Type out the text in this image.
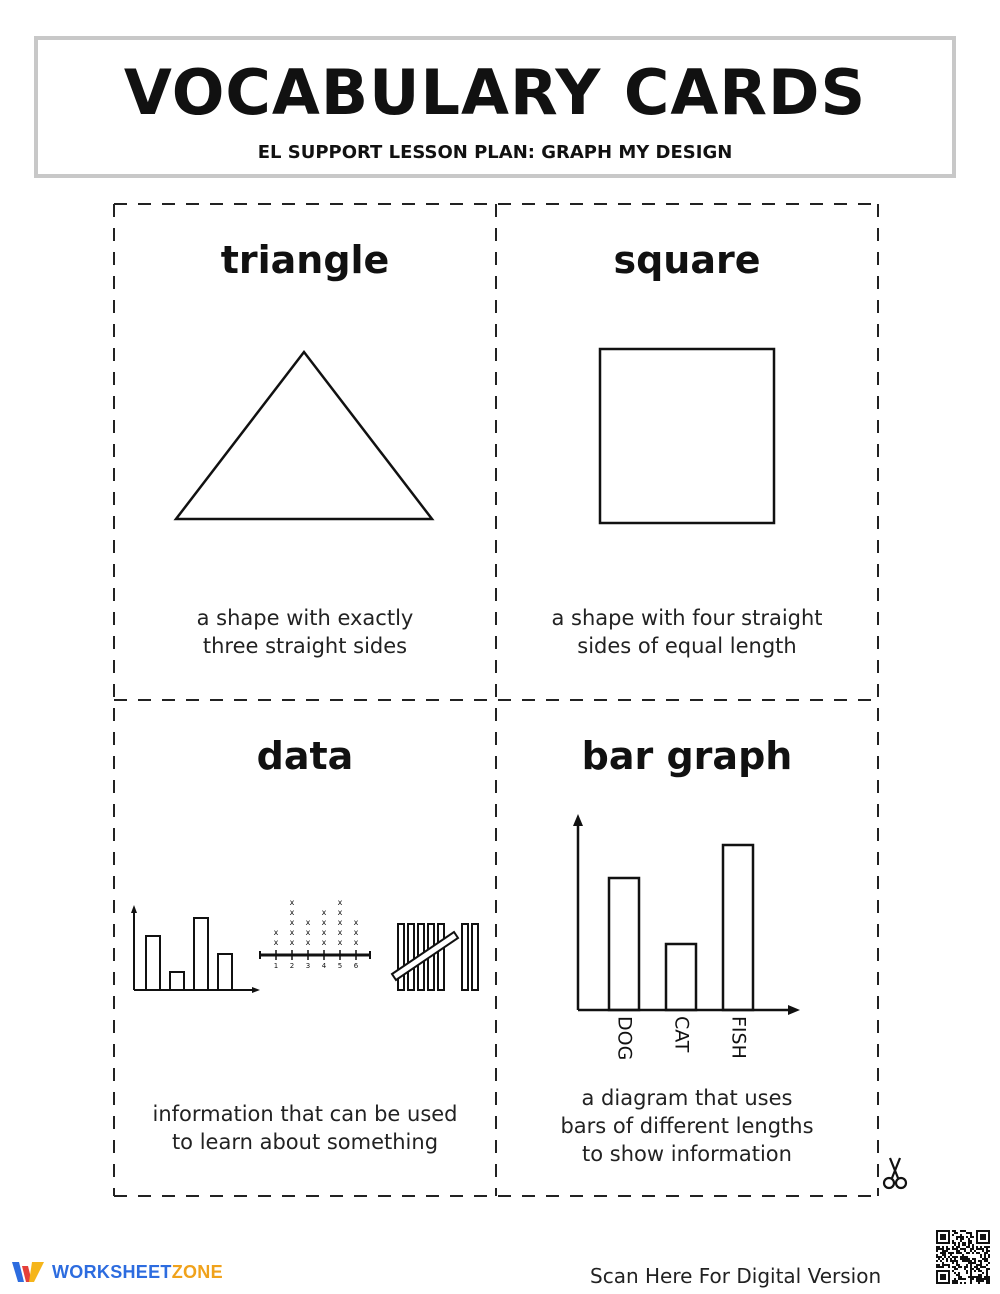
VOCABULARY CARDS
EL SUPPORT LESSON PLAN: GRAPH MY DESIGN
triangle
a shape with exactly
three straight sides
square
a shape with four straight
sides of equal length
data
1
x
x
2
x
x
x
x
x
3
x
x
x
4
x
x
x
x
5
x
x
x
x
x
6
x
x
x
information that can be used
to learn about something
bar graph
DOG CAT FISH
a diagram that uses
bars of different lengths
to show information
WORKSHEETZONE	Scan Here For Digital Version
